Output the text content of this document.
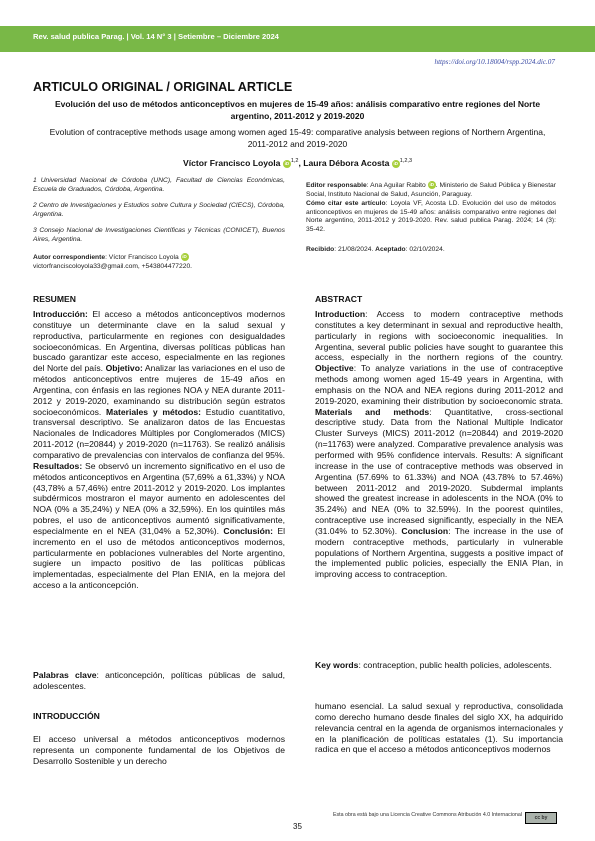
Rev. salud publica Parag. | Vol. 14 N° 3 | Setiembre – Diciembre 2024
https://doi.org/10.18004/rspp.2024.dic.07
ARTICULO ORIGINAL / ORIGINAL ARTICLE
Evolución del uso de métodos anticonceptivos en mujeres de 15-49 años: análisis comparativo entre regiones del Norte argentino, 2011-2012 y 2019-2020
Evolution of contraceptive methods usage among women aged 15-49: comparative analysis between regions of Northern Argentina, 2011-2012 and 2019-2020
Víctor Francisco Loyola iD $^{1,2}$, Laura Débora Acosta iD $^{1,2,3}$
1 Universidad Nacional de Córdoba (UNC), Facultad de Ciencias Económicas, Escuela de Graduados, Córdoba, Argentina.
2 Centro de Investigaciones y Estudios sobre Cultura y Sociedad (CIECS), Córdoba, Argentina.
3 Consejo Nacional de Investigaciones Científicas y Técnicas (CONICET), Buenos Aires, Argentina.
Autor correspondiente: Víctor Francisco Loyola iD
victorfranciscoloyola33@gmail.com, +543804477220.
Editor responsable: Ana Aguilar Rabito iD . Ministerio de Salud Pública y Bienestar Social, Instituto Nacional de Salud, Asunción, Paraguay.
Cómo citar este artículo: Loyola VF, Acosta LD. Evolución del uso de métodos anticonceptivos en mujeres de 15-49 años: análisis comparativo entre regiones del Norte argentino, 2011-2012 y 2019-2020. Rev. salud publica Parag. 2024; 14 (3): 35-42.
Recibido: 21/08/2024. Aceptado: 02/10/2024.
RESUMEN
Introducción: El acceso a métodos anticonceptivos modernos constituye un determinante clave en la salud sexual y reproductiva, particularmente en regiones con desigualdades socioeconómicas. En Argentina, diversas políticas públicas han buscado garantizar este acceso, especialmente en las regiones del Norte del país. Objetivo: Analizar las variaciones en el uso de métodos anticonceptivos entre mujeres de 15-49 años en Argentina, con énfasis en las regiones NOA y NEA durante 2011-2012 y 2019-2020, examinando su distribución según estratos socioeconómicos. Materiales y métodos: Estudio cuantitativo, transversal descriptivo. Se analizaron datos de las Encuestas Nacionales de Indicadores Múltiples por Conglomerados (MICS) 2011-2012 (n=20844) y 2019-2020 (n=11763). Se realizó análisis comparativo de prevalencias con intervalos de confianza del 95%. Resultados: Se observó un incremento significativo en el uso de métodos anticonceptivos en Argentina (57,69% a 61,33%) y NOA (43,78% a 57,46%) entre 2011-2012 y 2019-2020. Los implantes subdérmicos mostraron el mayor aumento en adolescentes del NOA (0% a 35,24%) y NEA (0% a 32,59%). En los quintiles más pobres, el uso de anticonceptivos aumentó significativamente, especialmente en el NEA (31,04% a 52,30%). Conclusión: El incremento en el uso de métodos anticonceptivos modernos, particularmente en poblaciones vulnerables del Norte argentino, sugiere un impacto positivo de las políticas públicas implementadas, especialmente del Plan ENIA, en la mejora del acceso a la anticoncepción.
Palabras clave: anticoncepción, políticas públicas de salud, adolescentes.
ABSTRACT
Introduction: Access to modern contraceptive methods constitutes a key determinant in sexual and reproductive health, particularly in regions with socioeconomic inequalities. In Argentina, several public policies have sought to guarantee this access, especially in the northern regions of the country. Objective: To analyze variations in the use of contraceptive methods among women aged 15-49 years in Argentina, with emphasis on the NOA and NEA regions during 2011-2012 and 2019-2020, examining their distribution by socioeconomic strata. Materials and methods: Quantitative, cross-sectional descriptive study. Data from the National Multiple Indicator Cluster Surveys (MICS) 2011-2012 (n=20844) and 2019-2020 (n=11763) were analyzed. Comparative prevalence analysis was performed with 95% confidence intervals. Results: A significant increase in the use of contraceptive methods was observed in Argentina (57.69% to 61.33%) and NOA (43.78% to 57.46%) between 2011-2012 and 2019-2020. Subdermal implants showed the greatest increase in adolescents in the NOA (0% to 35.24%) and NEA (0% to 32.59%). In the poorest quintiles, contraceptive use increased significantly, especially in the NEA (31.04% to 52.30%). Conclusion: The increase in the use of modern contraceptive methods, particularly in vulnerable populations of Northern Argentina, suggests a positive impact of the implemented public policies, especially the ENIA Plan, in improving access to contraception.
Key words: contraception, public health policies, adolescents.
INTRODUCCIÓN
El acceso universal a métodos anticonceptivos modernos representa un componente fundamental de los Objetivos de Desarrollo Sostenible y un derecho
humano esencial. La salud sexual y reproductiva, consolidada como derecho humano desde finales del siglo XX, ha adquirido relevancia central en la agenda de organismos internacionales y en la planificación de políticas estatales (1). Su importancia radica en que el acceso a métodos anticonceptivos modernos
Esta obra está bajo una Licencia Creative Commons Atribución 4.0 Internacional	cc by
35
